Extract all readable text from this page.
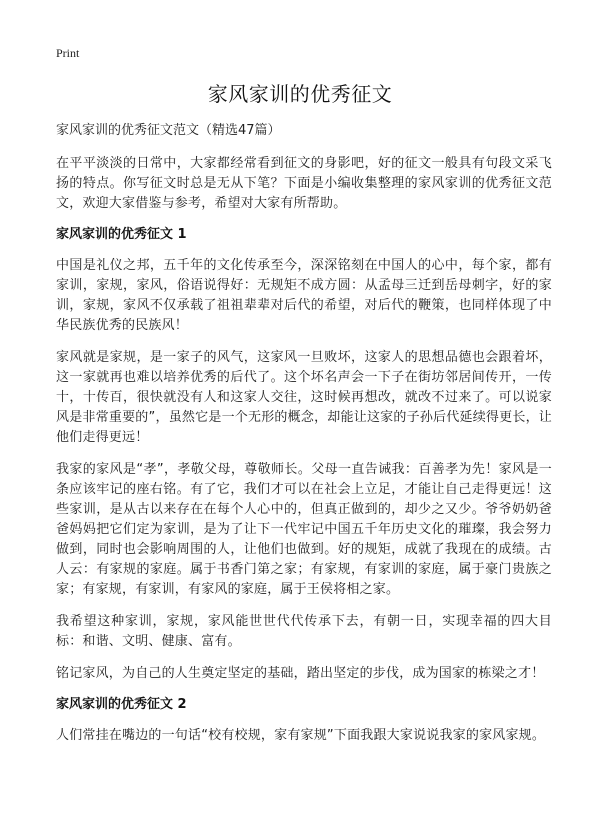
Print
家风家训的优秀征文
家风家训的优秀征文范文（精选47篇）

在平平淡淡的日常中，大家都经常看到征文的身影吧，好的征文一般具有句段文采飞扬的特点。你写征文时总是无从下笔？下面是小编收集整理的家风家训的优秀征文范文，欢迎大家借鉴与参考，希望对大家有所帮助。

家风家训的优秀征文 1

中国是礼仪之邦，五千年的文化传承至今，深深铭刻在中国人的心中，每个家，都有家训，家规，家风，俗语说得好：无规矩不成方圆：从孟母三迁到岳母刺字，好的家训，家规，家风不仅承载了祖祖辈辈对后代的希望，对后代的鞭策，也同样体现了中华民族优秀的民族风！

家风就是家规，是一家子的风气，这家风一旦败坏，这家人的思想品德也会跟着坏，这一家就再也难以培养优秀的后代了。这个坏名声会一下子在街坊邻居间传开，一传十，十传百，很快就没有人和这家人交往，这时候再想改，就改不过来了。可以说家风是非常重要的”，虽然它是一个无形的概念，却能让这家的子孙后代延续得更长，让他们走得更远！

我家的家风是“孝”，孝敬父母，尊敬师长。父母一直告诫我：百善孝为先！家风是一条应该牢记的座右铭。有了它，我们才可以在社会上立足，才能让自己走得更远！这些家训，是从古以来存在在每个人心中的，但真正做到的，却少之又少。爷爷奶奶爸爸妈妈把它们定为家训，是为了让下一代牢记中国五千年历史文化的璀璨，我会努力做到，同时也会影响周围的人，让他们也做到。好的规矩，成就了我现在的成绩。古人云：有家规的家庭。属于书香门第之家；有家规，有家训的家庭，属于豪门贵族之家；有家规，有家训，有家风的家庭，属于王侯将相之家。

我希望这种家训，家规，家风能世世代代传承下去，有朝一日，实现幸福的四大目标：和谐、文明、健康、富有。

铭记家风，为自己的人生奠定坚定的基础，踏出坚定的步伐，成为国家的栋梁之才！

家风家训的优秀征文 2

人们常挂在嘴边的一句话“校有校规，家有家规”下面我跟大家说说我家的家风家规。
